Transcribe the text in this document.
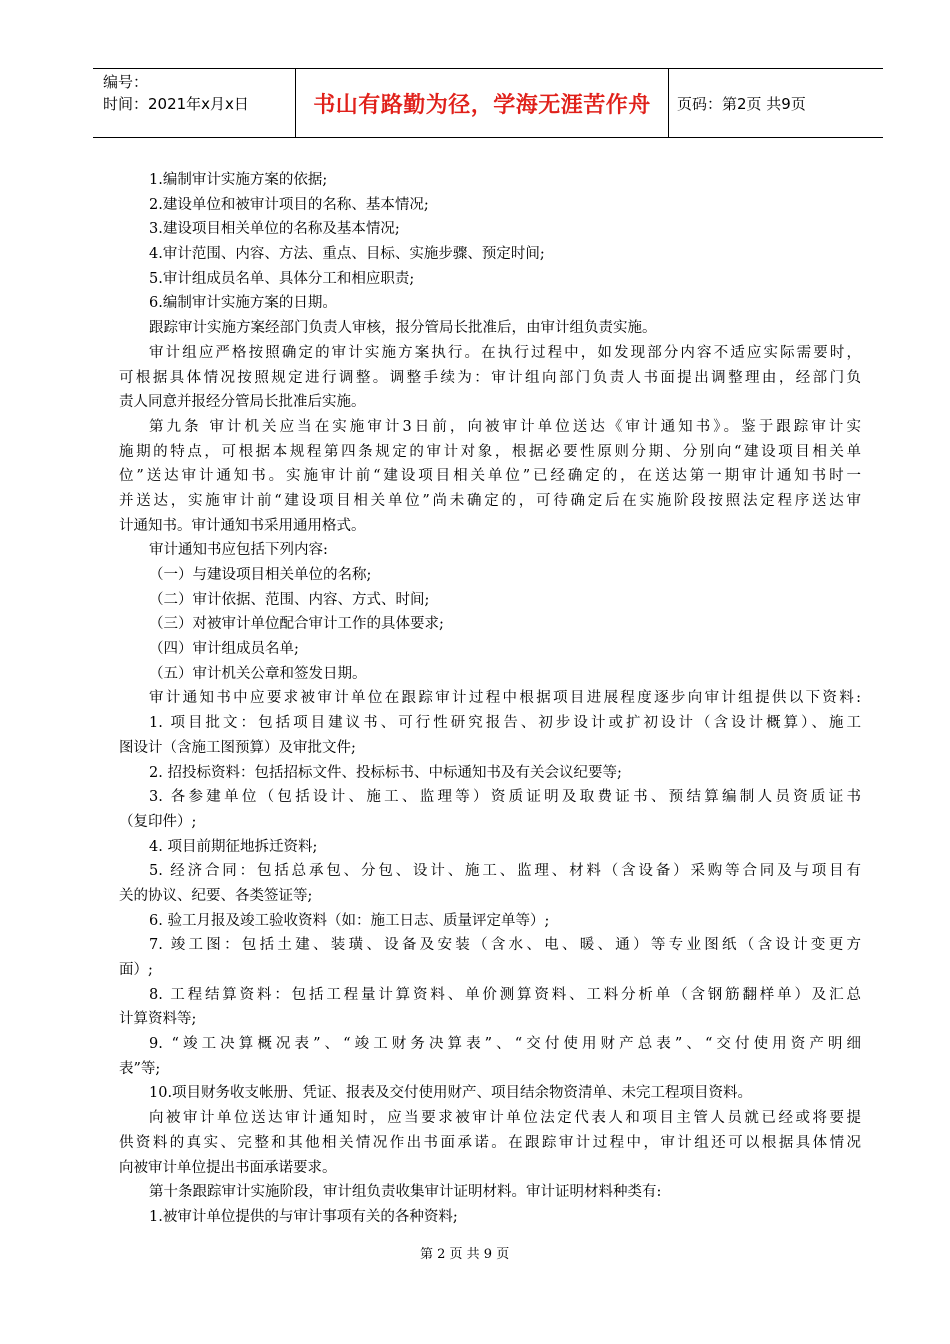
编号：
时间：2021年x月x日	书山有路勤为径，学海无涯苦作舟 页码：第2页 共9页
1.编制审计实施方案的依据;
2.建设单位和被审计项目的名称、基本情况;
3.建设项目相关单位的名称及基本情况;
4.审计范围、内容、方法、重点、目标、实施步骤、预定时间;
5.审计组成员名单、具体分工和相应职责;
6.编制审计实施方案的日期。
跟踪审计实施方案经部门负责人审核，报分管局长批准后，由审计组负责实施。
审计组应严格按照确定的审计实施方案执行。在执行过程中，如发现部分内容不适应实际需要时，
可根据具体情况按照规定进行调整。调整手续为：审计组向部门负责人书面提出调整理由，经部门负
责人同意并报经分管局长批准后实施。
第九条 审计机关应当在实施审计3日前，向被审计单位送达《审计通知书》。鉴于跟踪审计实
施期的特点，可根据本规程第四条规定的审计对象，根据必要性原则分期、分别向“建设项目相关单
位”送达审计通知书。实施审计前“建设项目相关单位”已经确定的，在送达第一期审计通知书时一
并送达，实施审计前“建设项目相关单位”尚未确定的，可待确定后在实施阶段按照法定程序送达审
计通知书。审计通知书采用通用格式。
审计通知书应包括下列内容:
（一）与建设项目相关单位的名称;
（二）审计依据、范围、内容、方式、时间;
（三）对被审计单位配合审计工作的具体要求;
（四）审计组成员名单;
（五）审计机关公章和签发日期。
审计通知书中应要求被审计单位在跟踪审计过程中根据项目进展程度逐步向审计组提供以下资料:
1. 项目批文：包括项目建议书、可行性研究报告、初步设计或扩初设计（含设计概算）、施工
图设计（含施工图预算）及审批文件;
2. 招投标资料：包括招标文件、投标标书、中标通知书及有关会议纪要等;
3. 各参建单位（包括设计、施工、监理等）资质证明及取费证书、预结算编制人员资质证书
（复印件）;
4. 项目前期征地拆迁资料;
5. 经济合同：包括总承包、分包、设计、施工、监理、材料（含设备）采购等合同及与项目有
关的协议、纪要、各类签证等;
6. 验工月报及竣工验收资料（如：施工日志、质量评定单等）;
7. 竣工图：包括土建、装璜、设备及安装（含水、电、暖、通）等专业图纸（含设计变更方
面）;
8. 工程结算资料：包括工程量计算资料、单价测算资料、工料分析单（含钢筋翻样单）及汇总
计算资料等;
9. “竣工决算概况表”、“竣工财务决算表”、“交付使用财产总表”、“交付使用资产明细
表”等;
10.项目财务收支帐册、凭证、报表及交付使用财产、项目结余物资清单、未完工程项目资料。
向被审计单位送达审计通知时，应当要求被审计单位法定代表人和项目主管人员就已经或将要提
供资料的真实、完整和其他相关情况作出书面承诺。在跟踪审计过程中，审计组还可以根据具体情况
向被审计单位提出书面承诺要求。
第十条跟踪审计实施阶段，审计组负责收集审计证明材料。审计证明材料种类有:
1.被审计单位提供的与审计事项有关的各种资料;
第 2 页 共 9 页
